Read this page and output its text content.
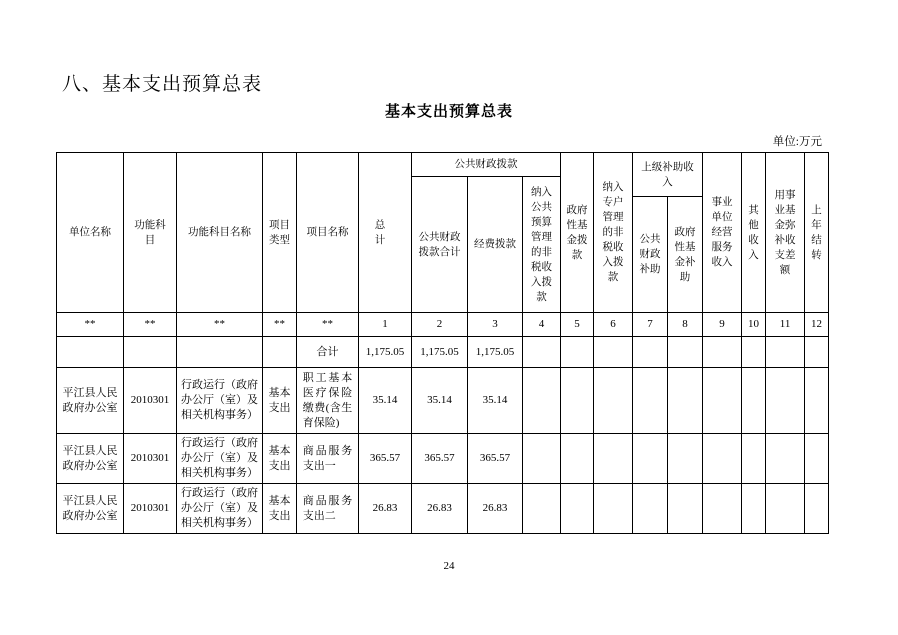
八、基本支出预算总表
基本支出预算总表
单位:万元
单位名称	功能科目	功能科目名称	项目类型	项目名称	总　计	公共财政拨款			政府性基金拨款	纳入专户管理的非税收入拨款	上级补助收入		事业单位经营服务收入	其他收入	用事业基金弥补收支差额	上年结转
						公共财政拨款合计	经费拨款	纳入公共预算管理的非税收入拨款								
											公共财政补助	政府性基金补助				
**	**	**	**	**	1	2	3	4	5	6	7	8	9	10	11	12
				合计	1,175.05	1,175.05	1,175.05									
平江县人民政府办公室	2010301	行政运行（政府办公厅（室）及相关机构事务）	基本支出	职工基本医疗保险缴费(含生育保险)	35.14	35.14	35.14									
平江县人民政府办公室	2010301	行政运行（政府办公厅（室）及相关机构事务）	基本支出	商品服务支出一	365.57	365.57	365.57									
平江县人民政府办公室	2010301	行政运行（政府办公厅（室）及相关机构事务）	基本支出	商品服务支出二	26.83	26.83	26.83									
24
